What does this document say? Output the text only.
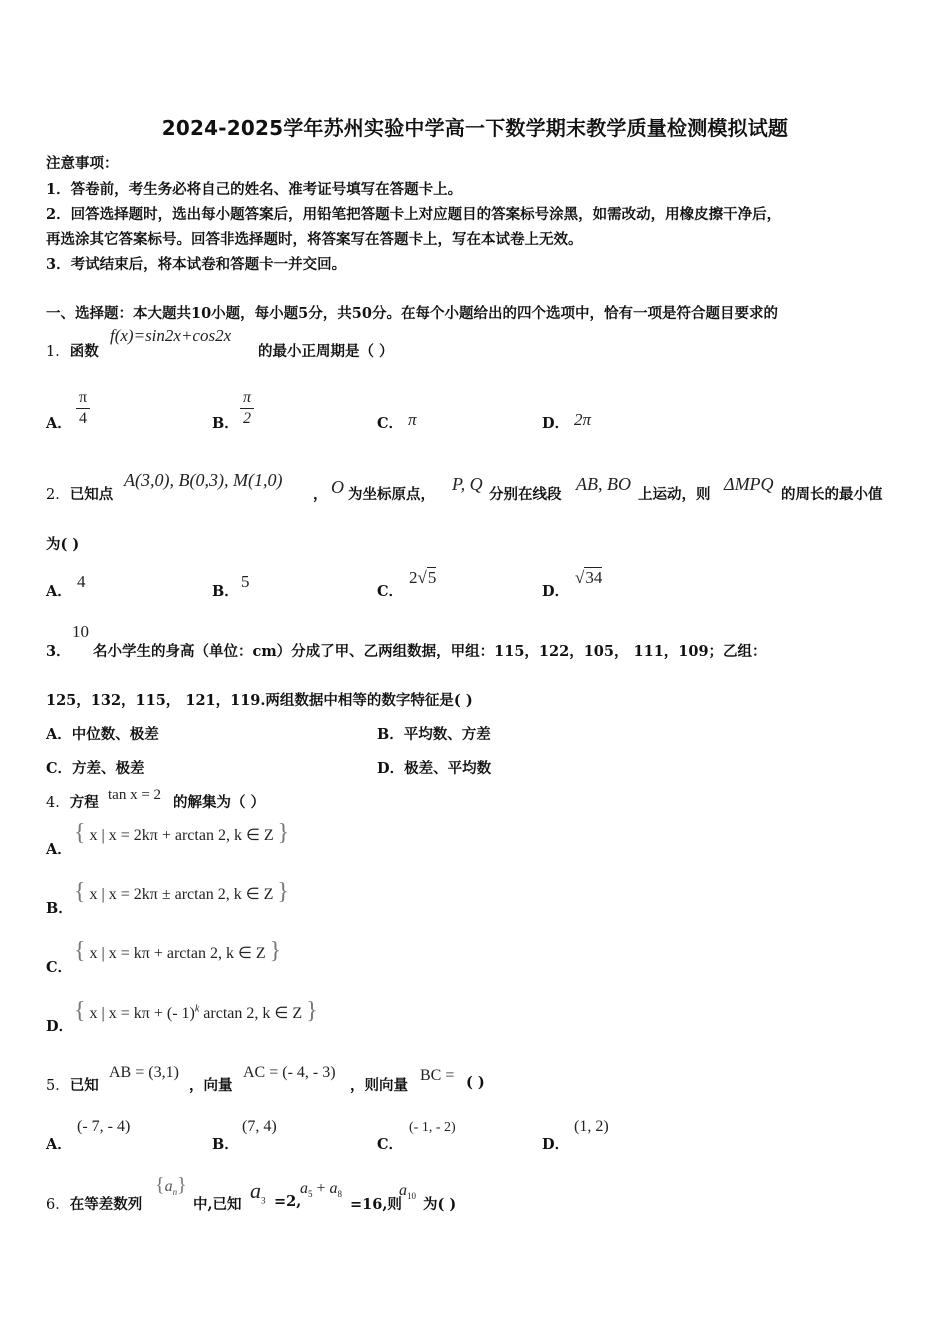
2024-2025学年苏州实验中学高一下数学期末教学质量检测模拟试题
注意事项：
1．答卷前，考生务必将自己的姓名、准考证号填写在答题卡上。
2．回答选择题时，选出每小题答案后，用铅笔把答题卡上对应题目的答案标号涂黑，如需改动，用橡皮擦干净后，
再选涂其它答案标号。回答非选择题时，将答案写在答题卡上，写在本试卷上无效。
3．考试结束后，将本试卷和答题卡一并交回。
一、选择题：本大题共10小题，每小题5分，共50分。在每个小题给出的四个选项中，恰有一项是符合题目要求的
1．函数
f(x)=sin2x+cos2x
的最小正周期是（ ）
A． $\frac{\pi}{4}$	B． $\frac{\pi}{2}$	C． π	D． 2π
2．已知点
A(3,0), B(0,3), M(1,0)
， O 为坐标原点，
P, Q
分别在线段
AB, BO
上运动，则
ΔMPQ
的周长的最小值
为( )
A．
4
B．
5
C．
2√5
D．
√34
3．
10
名小学生的身高（单位：cm）分成了甲、乙两组数据，甲组：115，122，105， 111，109；乙组：
125，132，115， 121，119.两组数据中相等的数字特征是( )
A．中位数、极差	B．平均数、方差
C．方差、极差	D．极差、平均数
4．方程 tan x = 2 的解集为（ ）
A．
{ x | x = 2kπ + arctan 2, k ∈ Z }
B．
{ x | x = 2kπ ± arctan 2, k ∈ Z }
C．
{ x | x = kπ + arctan 2, k ∈ Z }
D．
{ x | x = kπ + (- 1)$^k$ arctan 2, k ∈ Z }
5．已知
AB = (3,1)
，向量
AC = (- 4, - 3)
，则向量
BC = ( )
A．
(- 7, - 4)
B．
(7, 4)
C．
(- 1, - 2)
D．
(1, 2)
6．在等差数列
$\{a_n\}$
中,已知
$a_3 =2$,
$a_5 + a_8$
=16,则
$a_{10}$ 为( )
